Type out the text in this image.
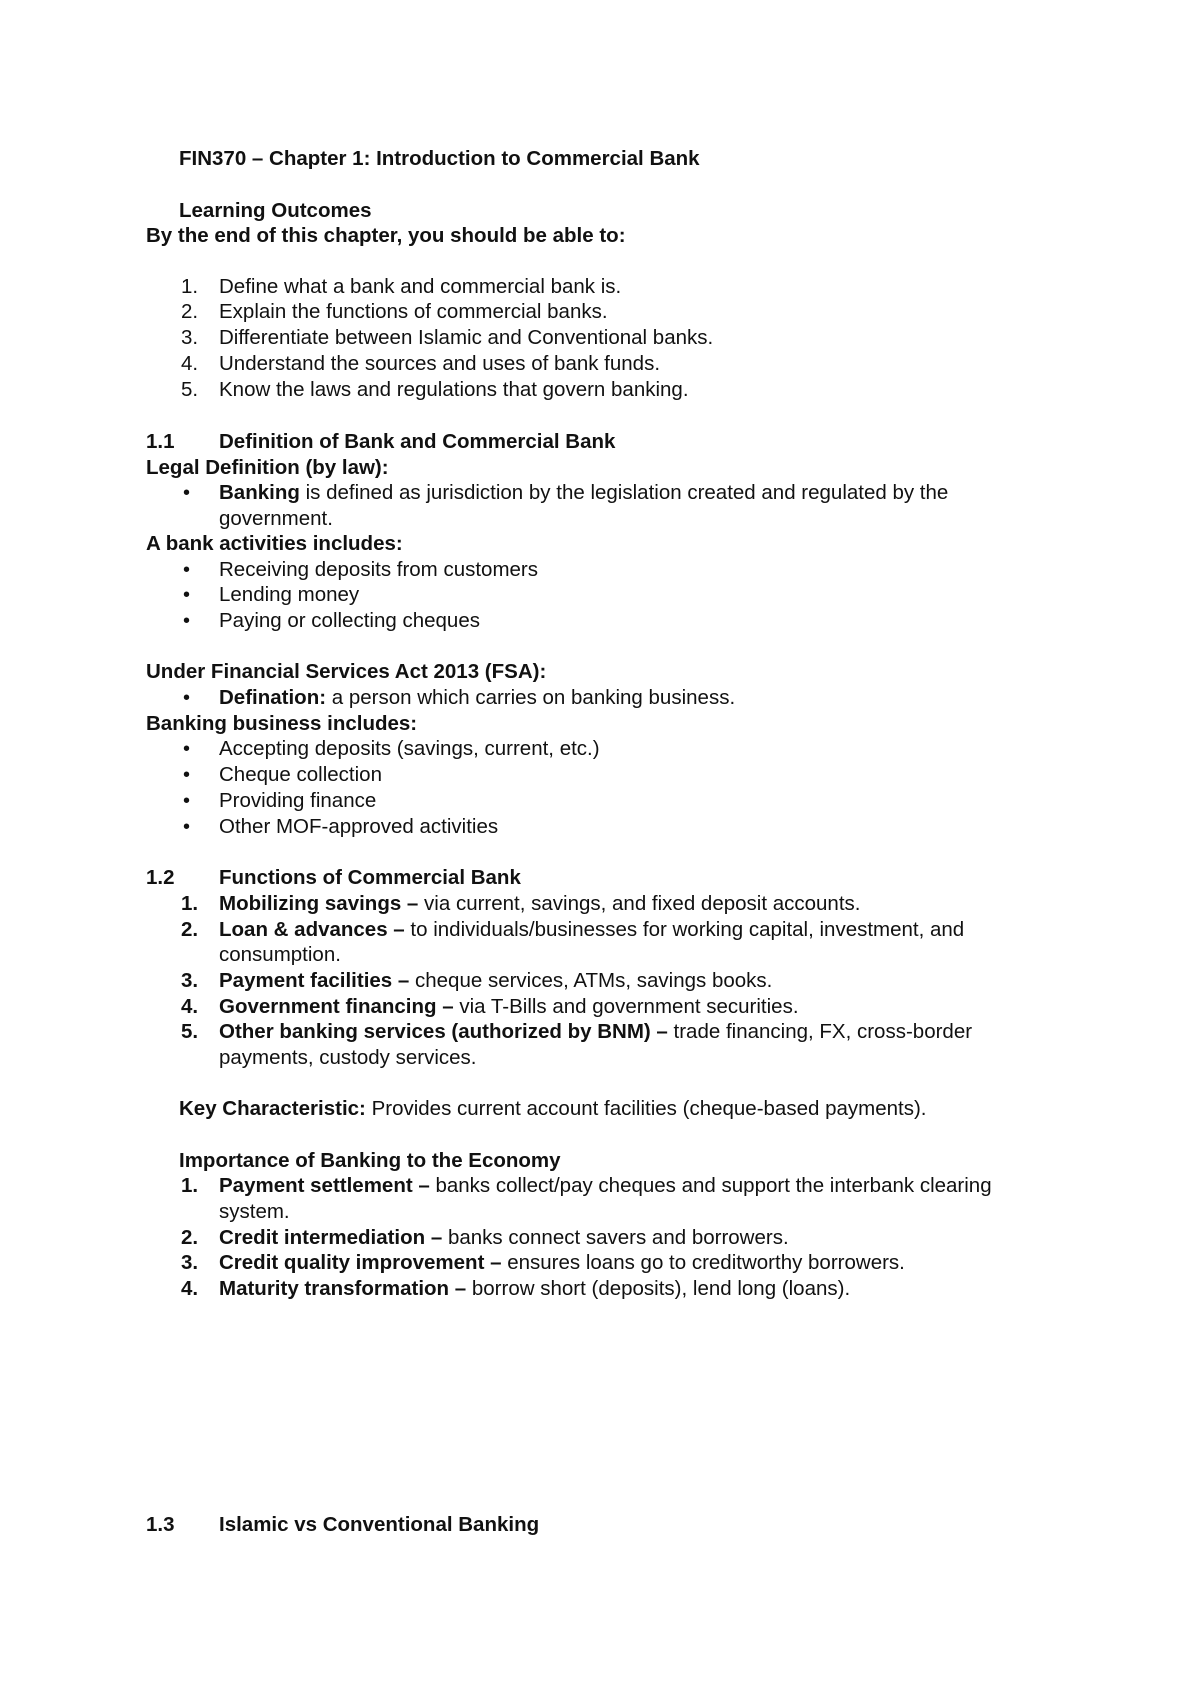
FIN370 – Chapter 1: Introduction to Commercial Bank
Learning Outcomes
By the end of this chapter, you should be able to:
1. Define what a bank and commercial bank is.
2. Explain the functions of commercial banks.
3. Differentiate between Islamic and Conventional banks.
4. Understand the sources and uses of bank funds.
5. Know the laws and regulations that govern banking.
1.1 Definition of Bank and Commercial Bank
Legal Definition (by law):
• Banking is defined as jurisdiction by the legislation created and regulated by the
government.
A bank activities includes:
• Receiving deposits from customers
• Lending money
• Paying or collecting cheques
Under Financial Services Act 2013 (FSA):
• Defination: a person which carries on banking business.
Banking business includes:
• Accepting deposits (savings, current, etc.)
• Cheque collection
• Providing finance
• Other MOF-approved activities
1.2 Functions of Commercial Bank
1. Mobilizing savings – via current, savings, and fixed deposit accounts.
2. Loan & advances – to individuals/businesses for working capital, investment, and
consumption.
3. Payment facilities – cheque services, ATMs, savings books.
4. Government financing – via T-Bills and government securities.
5. Other banking services (authorized by BNM) – trade financing, FX, cross-border
payments, custody services.
Key Characteristic: Provides current account facilities (cheque-based payments).
Importance of Banking to the Economy
1. Payment settlement – banks collect/pay cheques and support the interbank clearing
system.
2. Credit intermediation – banks connect savers and borrowers.
3. Credit quality improvement – ensures loans go to creditworthy borrowers.
4. Maturity transformation – borrow short (deposits), lend long (loans).
1.3 Islamic vs Conventional Banking
